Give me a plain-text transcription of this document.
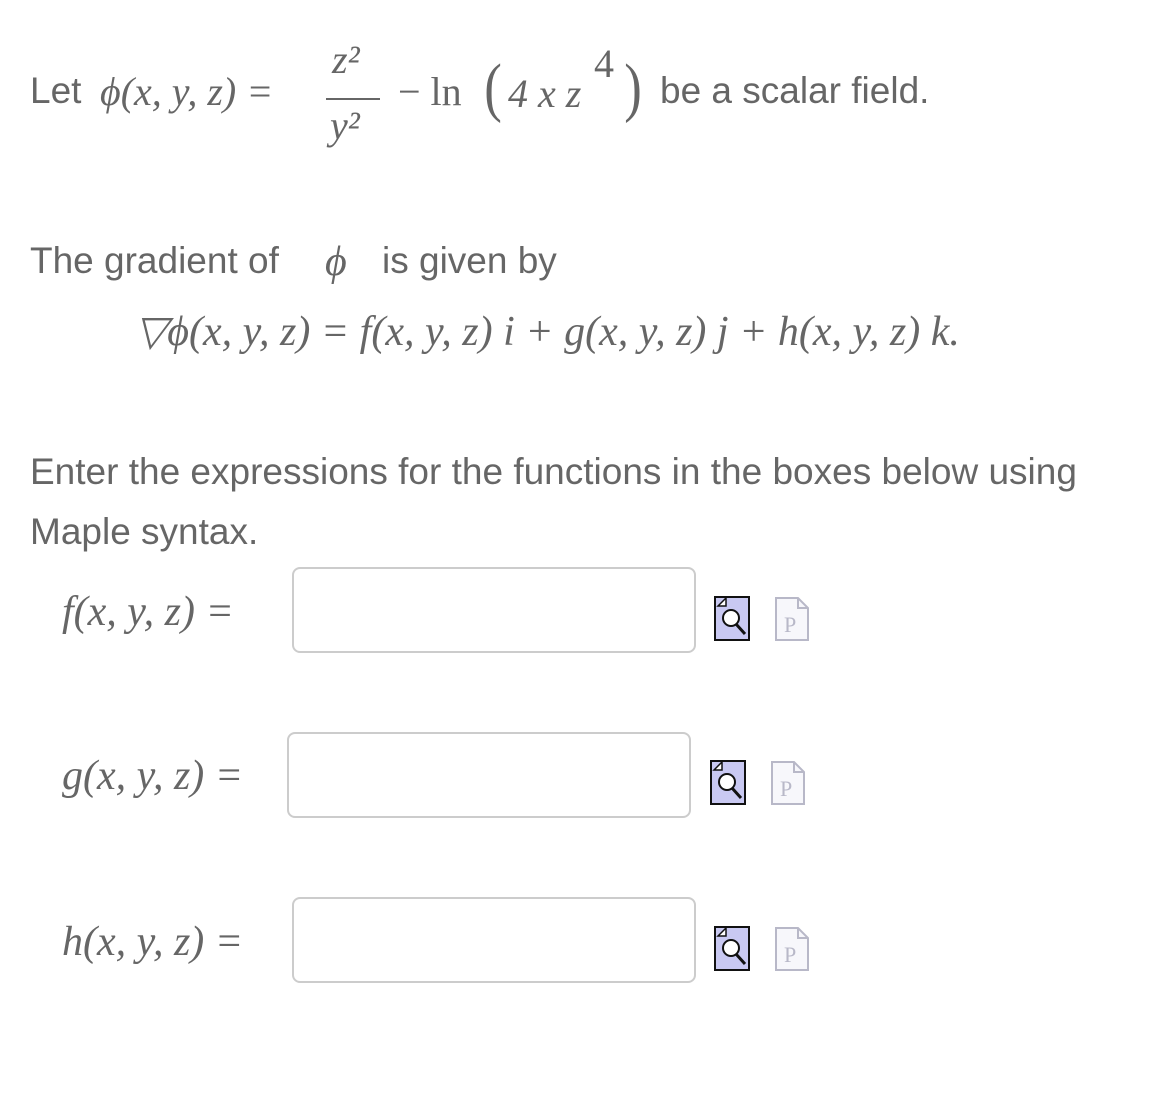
Let ϕ(x, y, z) =
z²
y²
− ln ( 4 x z
4 ) be a scalar field.
The gradient of ϕ is given by
▽ϕ(x, y, z) = f(x, y, z) i + g(x, y, z) j + h(x, y, z) k.
Enter the expressions for the functions in the boxes below using Maple syntax.
f(x, y, z) =	P
g(x, y, z) =	P
h(x, y, z) =	P
